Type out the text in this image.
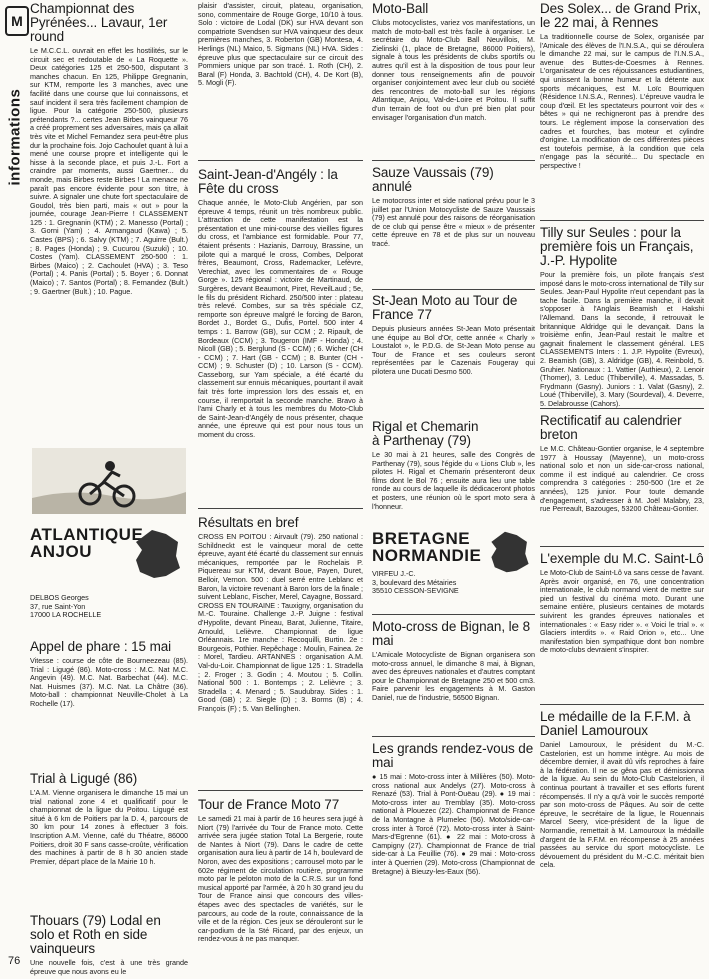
M
informations
76
Championnat des Pyrénées... Lavaur, 1er round

Le M.C.C.L. ouvrait en effet les hostilités, sur le circuit sec et redoutable de « La Roquette ». Deux catégories 125 et 250-500, disputant 3 manches chacun. En 125, Philippe Gregnanin, sur KTM, remporte les 3 manches, avec une facilité dans une course que lui connaissons, et sauf incident il sera très facilement champion de ligue. Pour la catégorie 250-500, plusieurs prétendants ?... certes Jean Birbes vainqueur 76 a créé proprement ses adversaires, mais ça allait très vite et Michel Fernandez sera peut-être plus dur la prochaine fois. Jojo Cachoulet quant à lui a mené une course propre et intelligente qui le hisse à la seconde place, et puis J.-L. Fort a craindre par moments, aussi Gaertner... du monde, mais Birbes reste Birbes ! La menace ne paraît pas encore évidente pour son titre, à suivre. A signaler une chute fort spectaculaire de Goudol, très bien parti, mais « out » pour la journée, courage Jean-Pierre ! CLASSEMENT 125 : 1. Gregnanin (KTM) ; 2. Manesso (Portal) ; 3. Gorni (Yam) ; 4. Armangaud (Kawa) ; 5. Castes (BPS) ; 6. Salvy (KTM) ; 7. Aguirre (Bult.) ; 8. Pages (Honda) ; 9. Cucurou (Suzuki) ; 10. Costes (Yam). CLASSEMENT 250-500 : 1. Birbes (Maico) ; 2. Cachoulet (HVA) ; 3. Teso (Portal) ; 4. Panis (Portal) ; 5. Boyer ; 6. Donnat (Maico) ; 7. Santos (Portal) ; 8. Fernandez (Bult.) ; 9. Gaertner (Bult.) ; 10. Pague.

ATLANTIQUE ANJOU
DELBOS Georges
37, rue Saint-Yon
17000 LA ROCHELLE
Appel de phare : 15 mai

Vitesse : course de côte de Bourneezeau (85). Trial : Ligugé (86). Moto-cross : M.C. Nat M.C. Angevin (49). M.C. Nat. Barbechat (44). M.C. Nat. Huismes (37). M.C. Nat. La Châtre (36). Moto-ball : championnat Neuville-Cholet à La Rochelle (17).

Trial à Ligugé (86)

L'A.M. Vienne organisera le dimanche 15 mai un trial national zone 4 et qualificatif pour le championnat de la ligue du Poitou. Ligugé est situé à 6 km de Poitiers par la D. 4, parcours de 30 km pour 14 zones à effectuer 3 fois. Inscription A.M. Vienne, café du Théatre, 86000 Poitiers, droit 30 F sans casse-croûte, vérification des machines à partir de 8 h 30 ancien stade Premier, départ place de la Mairie 10 h.

Thouars (79) Lodal en solo et Roth en side vainqueurs

Une nouvelle fois, c'est à une très grande épreuve que nous avons eu le

plaisir d'assister, circuit, plateau, organisation, sono, commentaire de Rouge Gorge, 10/10 à tous. Solo : victoire de Lodal (DK) sur HVA devant son compatriote Svendsen sur HVA vainqueur des deux premières manches, 3. Roberton (GB) Montesa, 4. Herlings (NL) Maico, 5. Sigmans (NL) HVA. Sides : épreuve plus que spectaculaire sur ce circuit des Pommiers unique par son tracé. 1. Roth (CH), 2. Baral (F) Honda, 3. Bachtold (CH), 4. De Kort (B), 5. Mogli (F).

Saint-Jean-d'Angély : la Fête du cross

Chaque année, le Moto-Club Angérien, par son épreuve 4 temps, réunit un très nombreux public. L'attraction de cette manifestation est la présentation et une mini-course des vieilles figures du cross, et l'ambiance est formidable. Pour 77, étaient présents : Hazianis, Darrouy, Brassine, un pilote qui a marqué le cross, Combes, Delporat frères, Beaumont, Cross, Rademacker, Lefèvre, Verechiat, avec les commentaires de « Rouge Gorge ». 125 régional : victoire de Martinaud, de Surgères, devant Beaumont, Piret, ReveilLaud ; 5e, le fils du président Richard. 250/500 inter : plateau très relevé. Combes, sur sa très spéciale CZ, remporte son épreuve malgré le forcing de Baron, Bordet J., Bordet G., Dufis, Portel. 500 inter 4 temps : 1. Barrow (GB), sur CCM ; 2. Ripault, de Bordeaux (CCM) ; 3. Tougeron (IMF - Honda) ; 4. Nicoll (GB) ; 5. Berglund (S - CCM) ; 6. Wicher (CH - CCM) ; 7. Hart (GB - CCM) ; 8. Bunter (CH - CCM) ; 9. Schuster (D) ; 10. Larson (S - CCM). Casseborg, sur Yam spéciale, a été écarté du classement sur ennuis mécaniques, pourtant il avait fait très forte impression lors des essais et, en course, il remportait la seconde manche. Bravo à l'ami Charly et à tous les membres du Moto-Club de Saint-Jean-d'Angély de nous présenter, chaque année, une épreuve qui est pour nous tous un moment du cross.

Résultats en bref

CROSS EN POITOU : Airvault (79). 250 national : Schildneckt est le vainqueur moral de cette épreuve, ayant été écarté du classement sur ennuis mécaniques, remportée par le Rochelais P. Piquereau sur KTM, devant Boue, Payen, Duret, Belloir, Vernon. 500 : duel serré entre Leblanc et Baron, la victoire revenant à Baron lors de la finale ; suivent Leblanc, Fischer, Merel, Cayagne, Bossard. CROSS EN TOURAINE : Tauxigny, organisation du M.-C. Touraine. Challenge J.-P. Juigne : festival d'Hypolite, devant Pineau, Barat, Julienne, Titaire, Arnould, Lelièvre. Championnat de ligue Orléannais. 1re manche : Recoquilli, Burtin. 2e : Bourgeois, Pothier. Repêchage : Moulin, Fainea. 2e : Morel, Tardieu. ARTANNES : organisation A.M. Val-du-Loir. Championnat de ligue 125 : 1. Stradella ; 2. Froger ; 3. Godin ; 4. Moutou ; 5. Collin. National 500 : 1. Bontemps ; 2. Lelièvre ; 3. Stradella ; 4. Menard ; 5. Saudubray. Sides : 1. Good (GB) ; 2. Siegle (D) ; 3. Borms (B) ; 4. François (F) ; 5. Van Bellinghen.

Tour de France Moto 77

Le samedi 21 mai à partir de 16 heures sera jugé à Niort (79) l'arrivée du Tour de France moto. Cette arrivée sera jugée station Total La Bergerie, route de Nantes à Niort (79). Dans le cadre de cette organisation aura lieu à partir de 14 h, boulevard de Noron, avec des expositions ; carrousel moto par le 602e régiment de circulation routière, programme moto par le peloton moto de la C.R.S. sur un fond musical apporté par l'armée, à 20 h 30 grand jeu du Tour de France ainsi que concours des villes-étapes avec des spectacles de variétés, sur le parcours, au code de la route, connaissance de la ville et de la région. Ces jeux se dérouleront sur le car-podium de la Sté Ricard, par des enjeux, un rendez-vous à ne pas manquer.

Moto-Ball

Clubs motocyclistes, variez vos manifestations, un match de moto-ball est très facile à organiser. Le secrétaire du Moto-Club Ball Neuvillois, M. Zielinski (1, place de Bretagne, 86000 Poitiers), signale à tous les présidents de clubs sportifs ou autres qu'il est à la disposition de tous pour leur donner tous renseignements afin de pouvoir organiser conjointement avec leur club ou société des rencontres de moto-ball sur les régions Atlantique, Anjou, Val-de-Loire et Poitou. Il suffit d'un terrain de foot ou d'un pré bien plat pour envisager l'organisation d'un match.

Sauze Vaussais (79) annulé

Le motocross inter et side national prévu pour le 3 juillet par l'Union Motocycliste de Sauze Vaussais (79) est annulé pour des raisons de réorganisation de ce club qui pense être « mieux » de présenter cette épreuve en 78 et de plus sur un nouveau tracé.

St-Jean Moto au Tour de France 77

Depuis plusieurs années St-Jean Moto présentait une équipe au Bol d'Or, cette année « Charly » Loustalot », le P.D.G. de St-Jean Moto pense au Tour de France et ses couleurs seront représentées par le Cazenais Fougeray qui pilotera une Ducati Desmo 500.

Rigal et Chemarin à Parthenay (79)

Le 30 mai à 21 heures, salle des Congrès de Parthenay (79), sous l'égide du « Lions Club », les pilotes H. Rigal et Chemarin présenteront deux films dont le Bol 76 ; ensuite aura lieu une table ronde au cours de laquelle ils dédicaceront photos et posters, une réunion où le sport moto sera à l'honneur.

BRETAGNE NORMANDIE
VIRFEU J.-C.
3, boulevard des Métairies
35510 CESSON-SEVIGNE
Moto-cross de Bignan, le 8 mai

L'Amicale Motocycliste de Bignan organisera son moto-cross annuel, le dimanche 8 mai, à Bignan, avec des épreuves nationales et d'autres comptant pour le Championnat de Bretagne 250 et 500 cm3. Faire parvenir les engagements à M. Gaston Daniel, rue de l'industrie, 56500 Bignan.

Les grands rendez-vous de mai

● 15 mai : Moto-cross inter à Millières (50). Moto-cross national aux Andelys (27). Moto-cross à Renazé (53). Trial à Pont-Ouëau (29). ● 19 mai : Moto-cross inter au Tremblay (35). Moto-cross national à Plouezec (22). Championnat de France de la Montagne à Plumelec (56). Moto/side-car-cross inter à Torcé (72). Moto-cross inter à Saint-Mars-d'Egrenne (61). ● 22 mai : Moto-cross à Campigny (27). Championnat de France de trial side-car à La Feuillie (76). ● 29 mai : Moto-cross inter à Querrien (29). Moto-cross (Championnat de Bretagne) à Bieuzy-les-Eaux (56).

Des Solex... de Grand Prix, le 22 mai, à Rennes

La traditionnelle course de Solex, organisée par l'Amicale des élèves de l'I.N.S.A., qui se déroulera le dimanche 22 mai, sur le campus de l'I.N.S.A., avenue des Buttes-de-Coesmes à Rennes. L'organisateur de ces réjouissances estudiantines, qui unissent la bonne humeur et la détente aux sports mécaniques, est M. Loïc Bourriquen (Résidence I.N.S.A., Rennes). L'épreuve vaudra le coup d'œil. Et les spectateurs pourront voir des « bêtes » qui ne rechigneront pas à prendre des tours. Le règlement impose la conservation des cadres et fourches, bas moteur et cylindre d'origine. La modification de ces différentes pièces est toutefois permise, à la condition que cela n'engage pas la sécurité... Du spectacle en perspective !

Tilly sur Seules : pour la première fois un Français, J.-P. Hypolite

Pour la première fois, un pilote français s'est imposé dans le moto-cross international de Tilly sur Seules. Jean-Paul Hypolite n'eut cependant pas la tache facile. Dans la première manche, il devait s'opposer à l'Anglais Beamish et Hakshi l'Allemand. Dans la seconde, il retrouvait le britannique Aldridge qui le devançait. Dans la troisième enfin, Jean-Paul restait le maître et gagnait finalement le classement général. LES CLASSEMENTS Inters : 1. J.P. Hypolite (Evreux), 2. Beamish (GB), 3. Aldridge (GB), 4. Reinbold, 5. Gruhier. Nationaux : 1. Vattier (Authieux), 2. Lenoir (Thomer), 3. Leduc (Thiberville), 4. Massadas, 5. Frydmann (Gasny). Juniors : 1. Valat (Gasny), 2. Loué (Thiberville), 3. Mary (Sourdeval), 4. Deverre, 5. Delabrousse (Cahors).

Rectificatif au calendrier breton

Le M.C. Château-Gontier organise, le 4 septembre 1977 à Houssay (Mayenne), un moto-cross national solo et non un side-car-cross national, comme il est indiqué au calendrier. Ce cross comprendra 3 catégories : 250-500 (1re et 2e années), 125 junior. Pour toute demande d'engagement, s'adresser à M. Joël Malabry, 23, rue Perreault, Bazouges, 53200 Château-Gontier.

L'exemple du M.C. Saint-Lô

Le Moto-Club de Saint-Lô va sans cesse de l'avant. Après avoir organisé, en 76, une concentration internationale, le club normand vient de mettre sur pied un festival du cinéma moto. Durant une semaine entière, plusieurs centaines de motards suivirent les grandes épreuves nationales et internationales : « Easy rider ». « Voici le trial ». « Glaciers interdits ». « Raid Orion », etc... Une manifestation bien sympathique dont bon nombre de moto-clubs devraient s'inspirer.

Le médaille de la F.F.M. à Daniel Lamouroux

Daniel Lamouroux, le président du M.-C. Castelorien, est un homme intègre. Au mois de décembre dernier, il avait dû vifs reproches à faire à la fédération. Il ne se gêna pas et démissionna de la ligue. Au sein du Moto-Club Castelorien, il continua pourtant à travailler et ses efforts furent récompensés. Il n'y a qu'à voir le succès remporté par son moto-cross de Pâques. Au soir de cette épreuve, le secrétaire de la ligue, le Rouennais Marcel Seery, vice-président de la ligue de Normandie, remettait à M. Lamouroux la médaille d'argent de la F.F.M. en récompense à 25 années passées au service du sport motocycliste. Le dévouement du président du M.-C.C. méritait bien cela.
